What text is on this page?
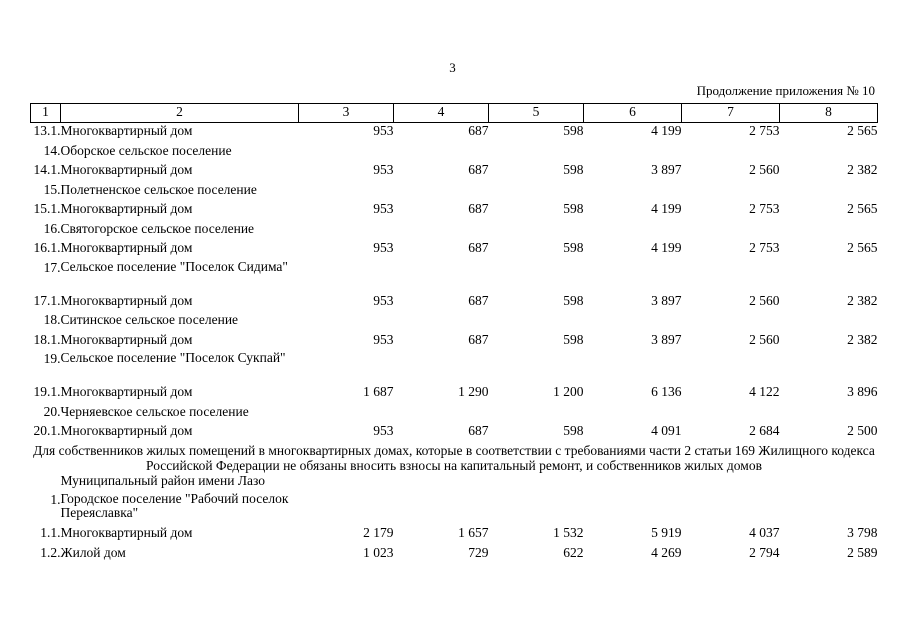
3
Продолжение приложения № 10
1	2	3	4	5	6	7	8
13.1.	Многоквартирный дом	953	687	598	4 199	2 753	2 565
14.	Оборское сельское поселение						
14.1.	Многоквартирный дом	953	687	598	3 897	2 560	2 382
15.	Полетненское сельское поселение						
15.1.	Многоквартирный дом	953	687	598	4 199	2 753	2 565
16.	Святогорское сельское поселение						
16.1.	Многоквартирный дом	953	687	598	4 199	2 753	2 565
17.	Сельское поселение "Поселок Сидима"						
17.1.	Многоквартирный дом	953	687	598	3 897	2 560	2 382
18.	Ситинское сельское поселение						
18.1.	Многоквартирный дом	953	687	598	3 897	2 560	2 382
19.	Сельское поселение "Поселок Сукпай"						
19.1.	Многоквартирный дом	1 687	1 290	1 200	6 136	4 122	3 896
20.	Черняевское сельское поселение						
20.1.	Многоквартирный дом	953	687	598	4 091	2 684	2 500
Для собственников жилых помещений в многоквартирных домах, которые в соответствии с требованиями части 2 статьи 169 Жилищного кодекса Российской Федерации не обязаны вносить взносы на капитальный ремонт, и собственников жилых домов							
	Муниципальный район имени Лазо						
1.	Городское поселение "Рабочий поселок Переяславка"						
1.1.	Многоквартирный дом	2 179	1 657	1 532	5 919	4 037	3 798
1.2.	Жилой дом	1 023	729	622	4 269	2 794	2 589
